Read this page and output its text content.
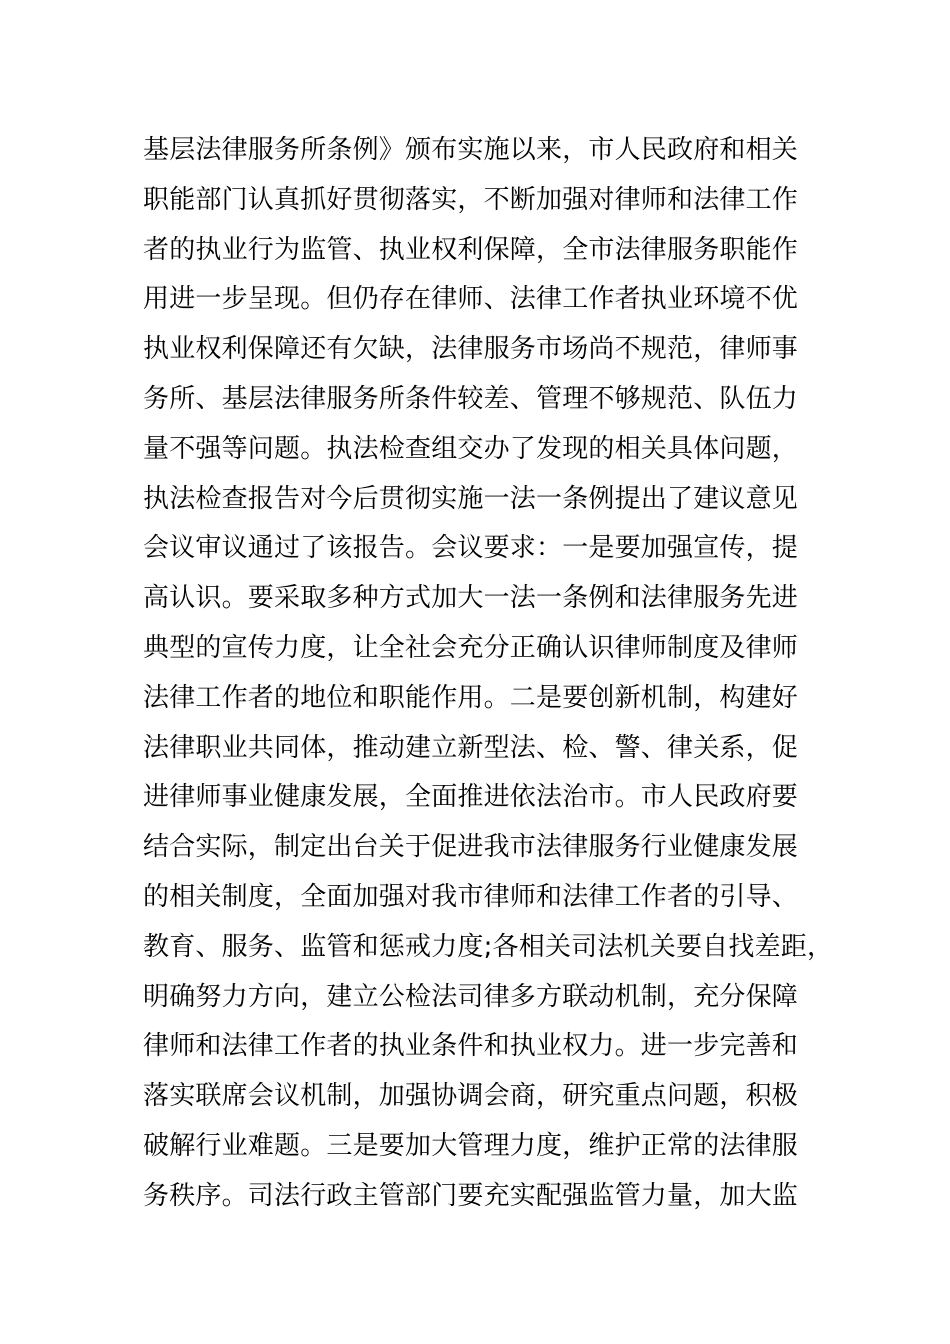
基层法律服务所条例》颁布实施以来，市人民政府和相关
职能部门认真抓好贯彻落实，不断加强对律师和法律工作
者的执业行为监管、执业权利保障，全市法律服务职能作
用进一步呈现。但仍存在律师、法律工作者执业环境不优
执业权利保障还有欠缺，法律服务市场尚不规范，律师事
务所、基层法律服务所条件较差、管理不够规范、队伍力
量不强等问题。执法检查组交办了发现的相关具体问题，
执法检查报告对今后贯彻实施一法一条例提出了建议意见
会议审议通过了该报告。会议要求：一是要加强宣传，提
高认识。要采取多种方式加大一法一条例和法律服务先进
典型的宣传力度，让全社会充分正确认识律师制度及律师
法律工作者的地位和职能作用。二是要创新机制，构建好
法律职业共同体，推动建立新型法、检、警、律关系，促
进律师事业健康发展，全面推进依法治市。市人民政府要
结合实际，制定出台关于促进我市法律服务行业健康发展
的相关制度，全面加强对我市律师和法律工作者的引导、
教育、服务、监管和惩戒力度;各相关司法机关要自找差距，
明确努力方向，建立公检法司律多方联动机制，充分保障
律师和法律工作者的执业条件和执业权力。进一步完善和
落实联席会议机制，加强协调会商，研究重点问题，积极
破解行业难题。三是要加大管理力度，维护正常的法律服
务秩序。司法行政主管部门要充实配强监管力量，加大监
